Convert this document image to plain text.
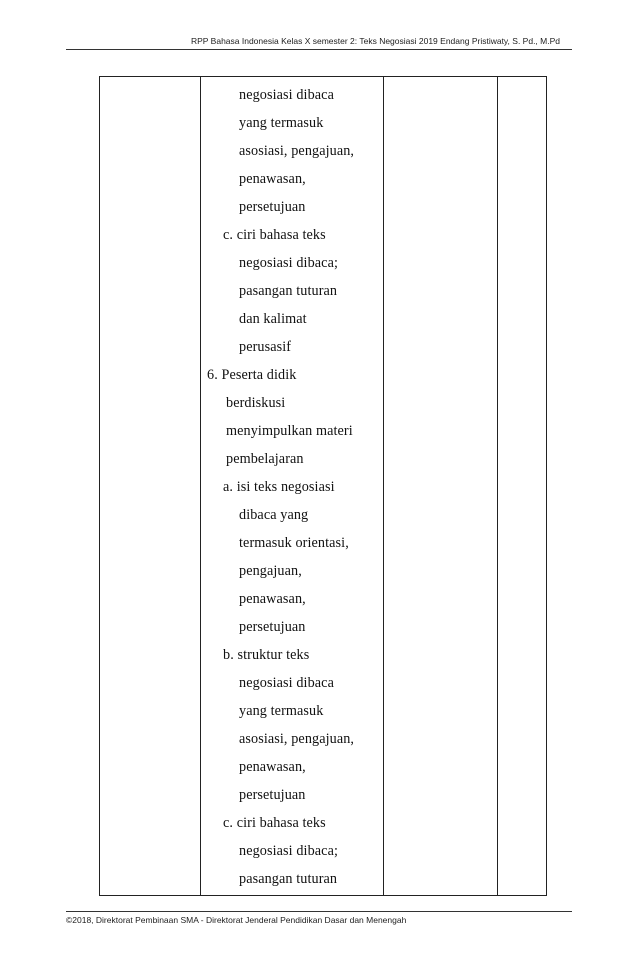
RPP Bahasa Indonesia Kelas X semester 2: Teks Negosiasi 2019 Endang Pristiwaty, S. Pd., M.Pd
negosiasi dibaca
yang termasuk
asosiasi, pengajuan,
penawasan,
persetujuan
c. ciri bahasa teks
negosiasi dibaca;
pasangan tuturan
dan kalimat
perusasif
6. Peserta didik
berdiskusi
menyimpulkan materi
pembelajaran
a. isi teks negosiasi
dibaca yang
termasuk orientasi,
pengajuan,
penawasan,
persetujuan
b. struktur teks
negosiasi dibaca
yang termasuk
asosiasi, pengajuan,
penawasan,
persetujuan
c. ciri bahasa teks
negosiasi dibaca;
pasangan tuturan
©2018, Direktorat Pembinaan SMA - Direktorat Jenderal Pendidikan Dasar dan Menengah
